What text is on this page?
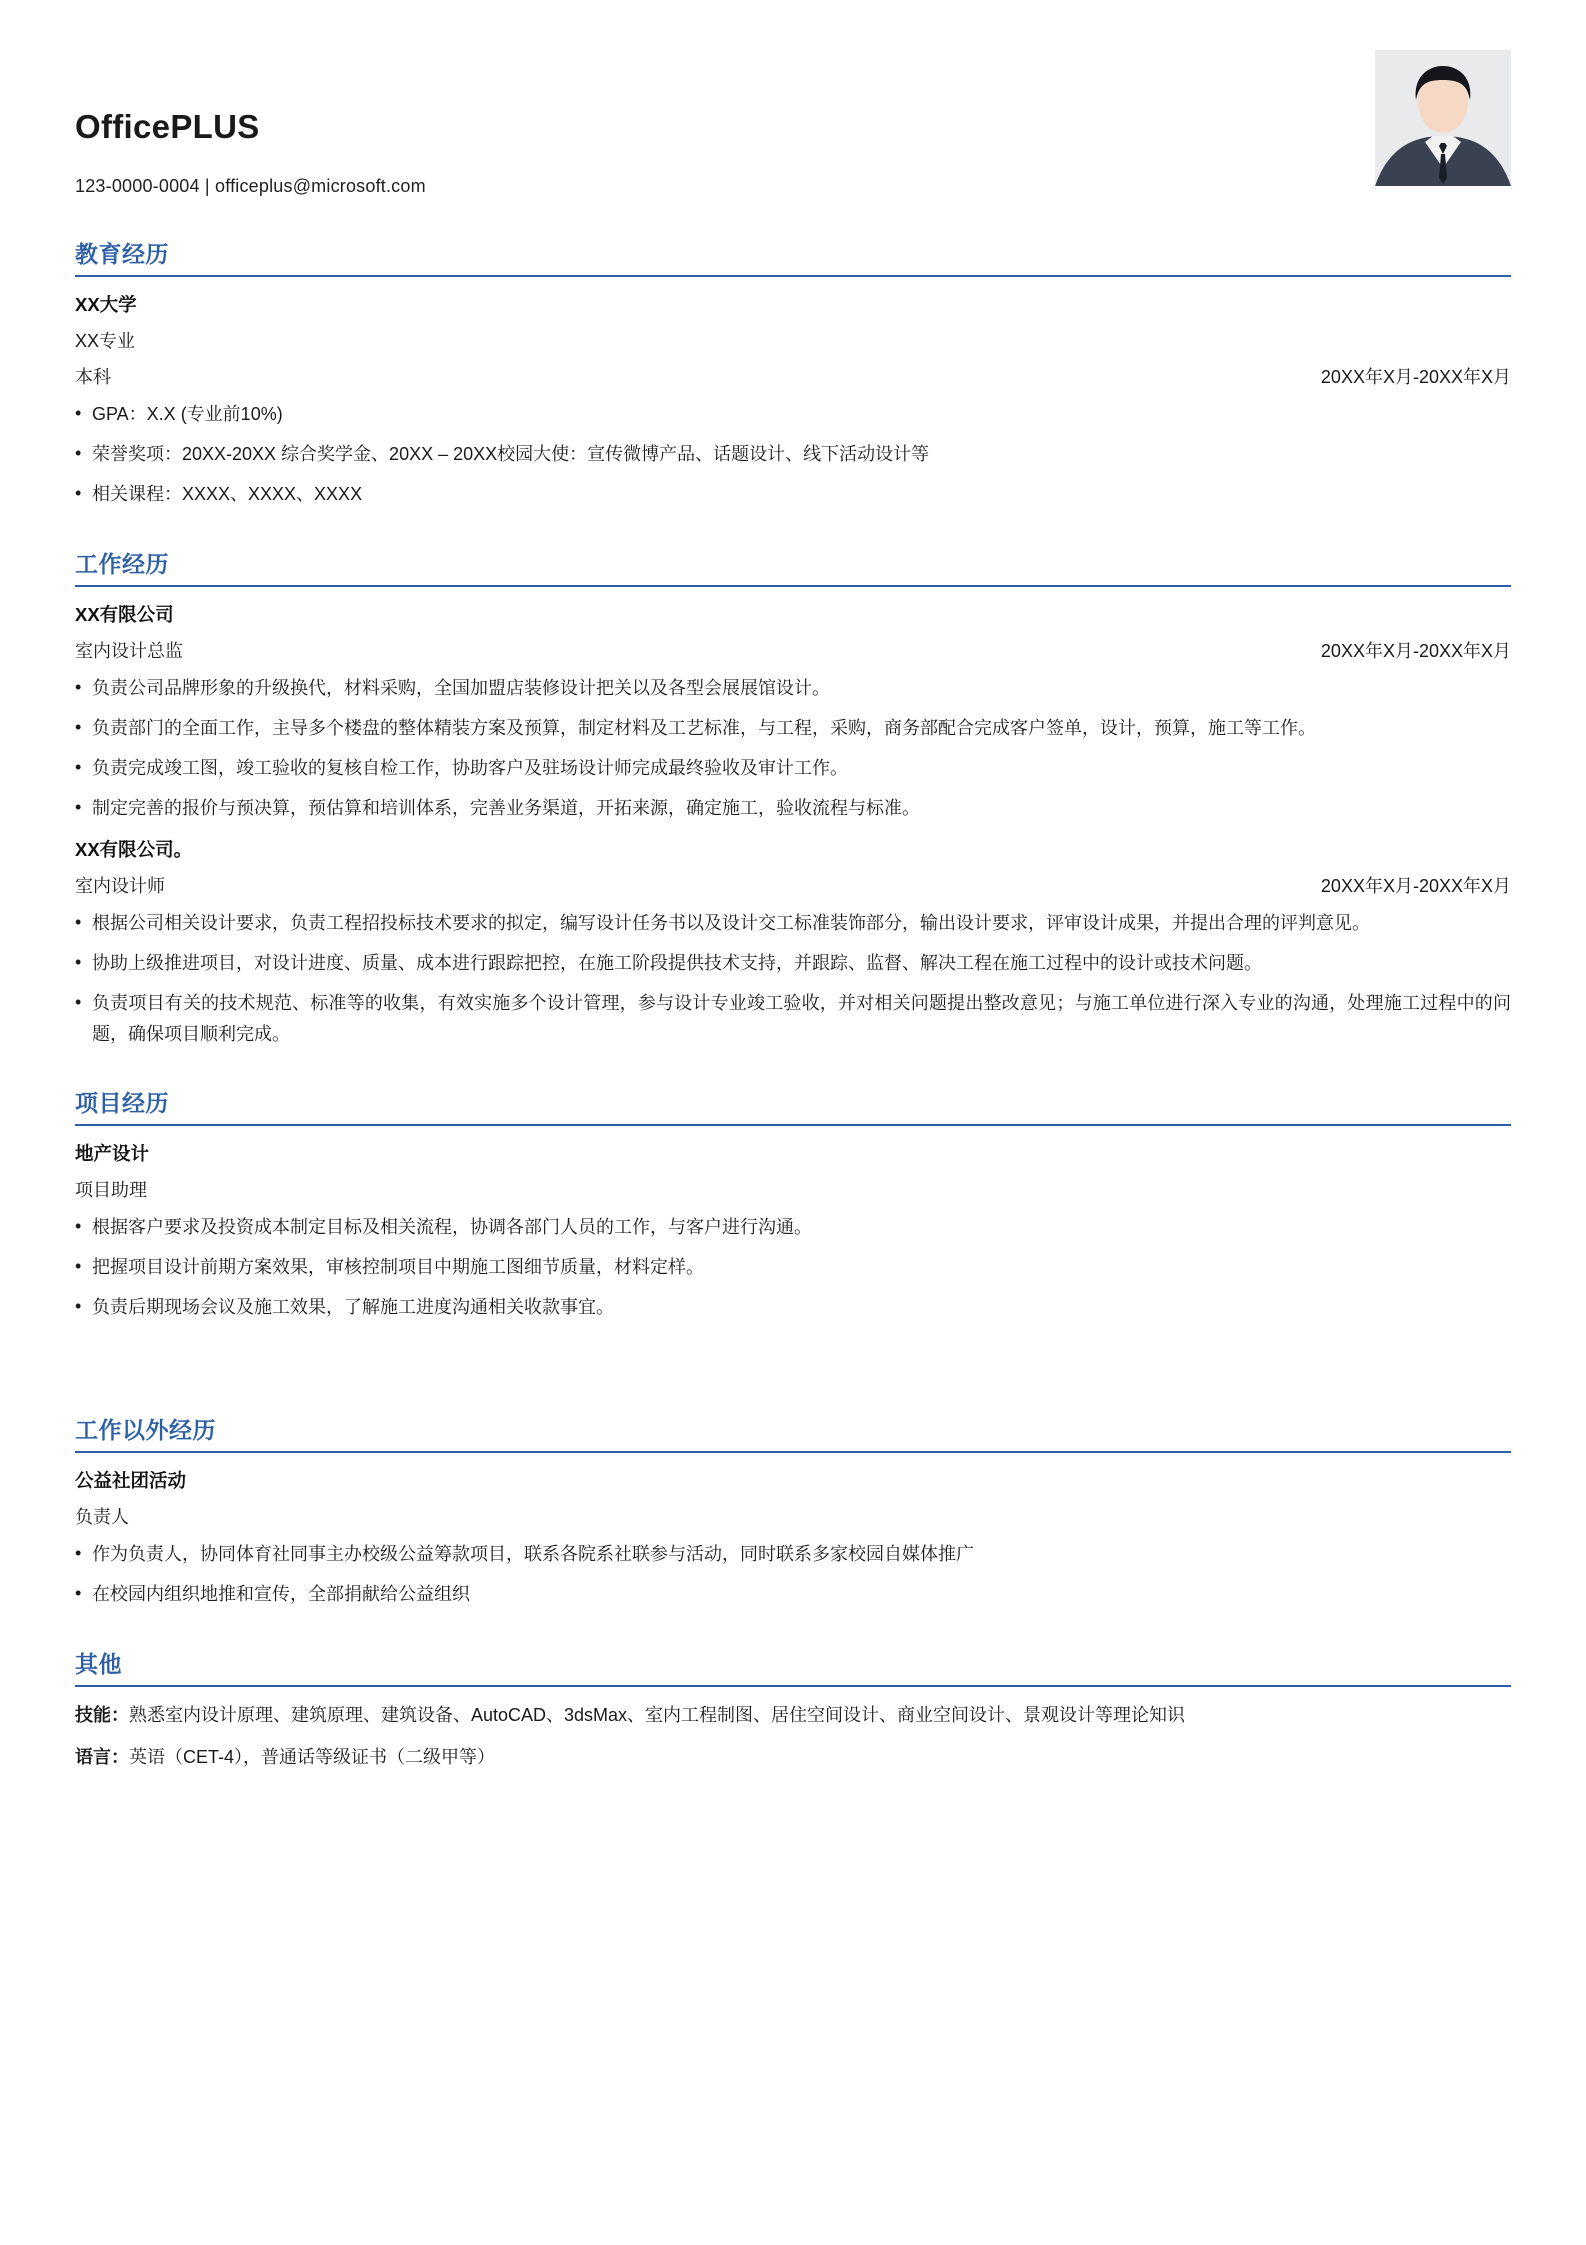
OfficePLUS
123-0000-0004 | officeplus@microsoft.com
教育经历
XX大学
XX专业
本科	20XX年X月-20XX年X月
• GPA：X.X (专业前10%)
• 荣誉奖项：20XX-20XX 综合奖学金、20XX – 20XX校园大使：宣传微博产品、话题设计、线下活动设计等
• 相关课程：XXXX、XXXX、XXXX
工作经历
XX有限公司
室内设计总监	20XX年X月-20XX年X月
• 负责公司品牌形象的升级换代，材料采购，全国加盟店装修设计把关以及各型会展展馆设计。
• 负责部门的全面工作，主导多个楼盘的整体精装方案及预算，制定材料及工艺标准，与工程，采购，商务部配合完成客户签单，设计，预算，施工等工作。
• 负责完成竣工图，竣工验收的复核自检工作，协助客户及驻场设计师完成最终验收及审计工作。
• 制定完善的报价与预决算，预估算和培训体系，完善业务渠道，开拓来源，确定施工，验收流程与标准。
XX有限公司。
室内设计师	20XX年X月-20XX年X月
• 根据公司相关设计要求，负责工程招投标技术要求的拟定，编写设计任务书以及设计交工标准装饰部分，输出设计要求，评审设计成果，并提出合理的评判意见。
• 协助上级推进项目，对设计进度、质量、成本进行跟踪把控，在施工阶段提供技术支持，并跟踪、监督、解决工程在施工过程中的设计或技术问题。
• 负责项目有关的技术规范、标准等的收集，有效实施多个设计管理，参与设计专业竣工验收，并对相关问题提出整改意见；与施工单位进行深入专业的沟通，处理施工过程中的问题，确保项目顺利完成。
项目经历
地产设计
项目助理
• 根据客户要求及投资成本制定目标及相关流程，协调各部门人员的工作，与客户进行沟通。
• 把握项目设计前期方案效果，审核控制项目中期施工图细节质量，材料定样。
• 负责后期现场会议及施工效果，了解施工进度沟通相关收款事宜。
工作以外经历
公益社团活动
负责人
• 作为负责人，协同体育社同事主办校级公益筹款项目，联系各院系社联参与活动，同时联系多家校园自媒体推广
• 在校园内组织地推和宣传，全部捐献给公益组织
其他
技能：熟悉室内设计原理、建筑原理、建筑设备、AutoCAD、3dsMax、室内工程制图、居住空间设计、商业空间设计、景观设计等理论知识
语言：英语（CET-4），普通话等级证书（二级甲等）
